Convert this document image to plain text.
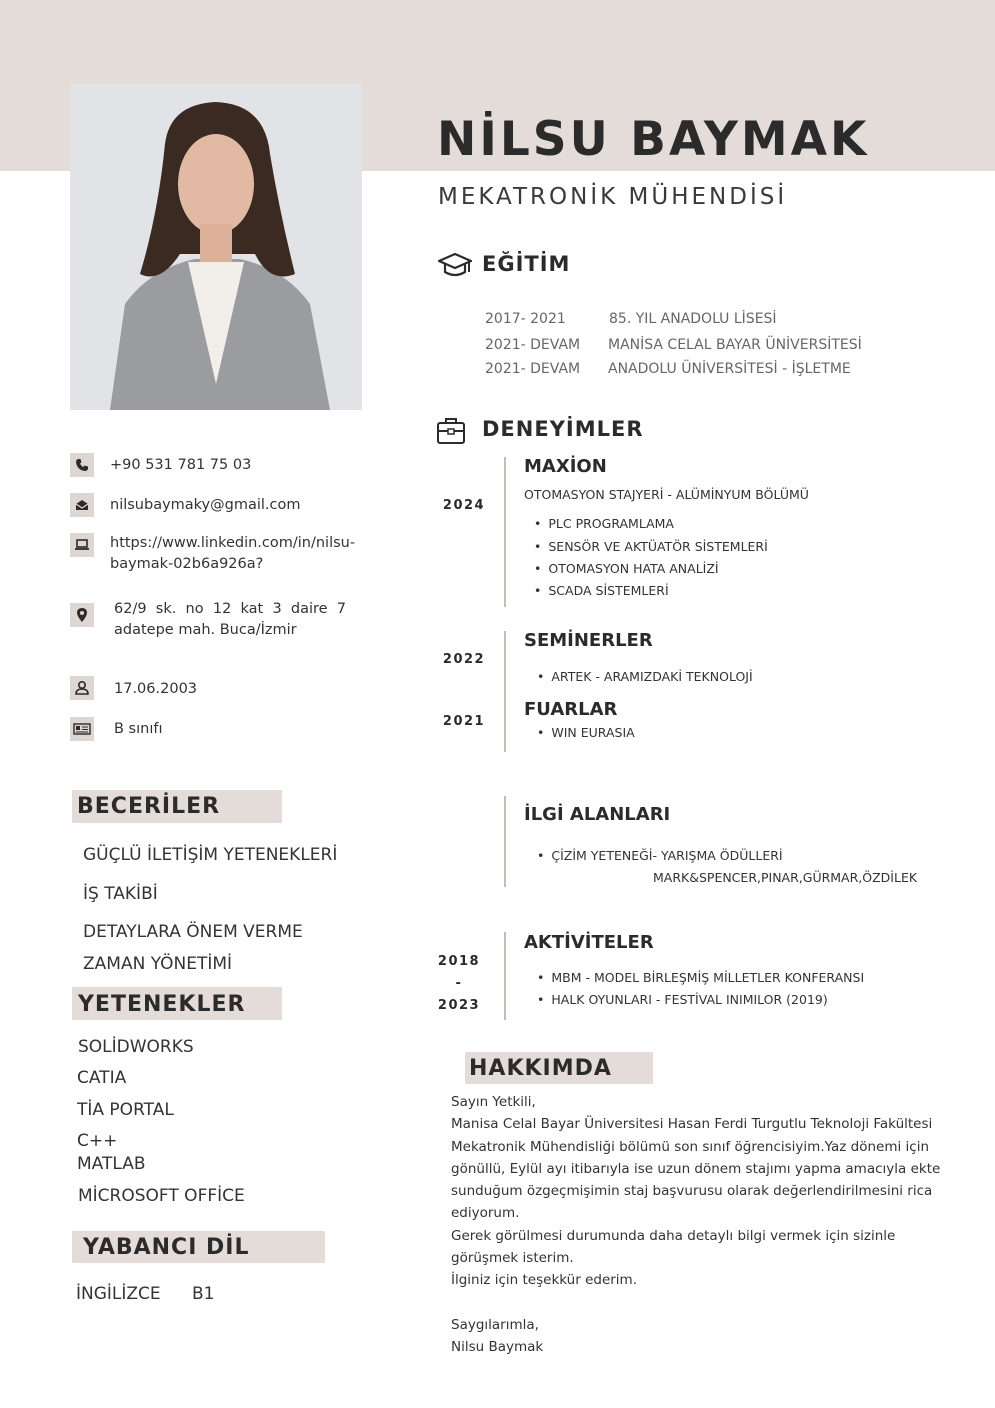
NİLSU BAYMAK
MEKATRONİK MÜHENDİSİ
EĞİTİM
2017- 2021	85. YIL ANADOLU LİSESİ
2021- DEVAM MANİSA CELAL BAYAR ÜNİVERSİTESİ
2021- DEVAM ANADOLU ÜNİVERSİTESİ - İŞLETME
DENEYİMLER
2024
MAXİON
OTOMASYON STAJYERİ - ALÜMİNYUM BÖLÜMÜ
• PLC PROGRAMLAMA
• SENSÖR VE AKTÜATÖR SİSTEMLERİ
• OTOMASYON HATA ANALİZİ
• SCADA SİSTEMLERİ
2022
SEMİNERLER
• ARTEK - ARAMIZDAKİ TEKNOLOJİ
2021
FUARLAR
• WIN EURASIA
İLGİ ALANLARI
• ÇİZİM YETENEĞİ- YARIŞMA ÖDÜLLERİ
MARK&SPENCER,PINAR,GÜRMAR,ÖZDİLEK
2018
-
2023
AKTİVİTELER
• MBM - MODEL BİRLEŞMİŞ MİLLETLER KONFERANSI
• HALK OYUNLARI - FESTİVAL INIMILOR (2019)
HAKKIMDA
Sayın Yetkili,
Manisa Celal Bayar Üniversitesi Hasan Ferdi Turgutlu Teknoloji Fakültesi
Mekatronik Mühendisliği bölümü son sınıf öğrencisiyim.Yaz dönemi için
gönüllü, Eylül ayı itibarıyla ise uzun dönem stajımı yapma amacıyla ekte
sunduğum özgeçmişimin staj başvurusu olarak değerlendirilmesini rica
ediyorum.
Gerek görülmesi durumunda daha detaylı bilgi vermek için sizinle
görüşmek isterim.
İlginiz için teşekkür ederim.
Saygılarımla,
Nilsu Baymak
+90 531 781 75 03
nilsubaymaky@gmail.com
https://www.linkedin.com/in/nilsu-
baymak-02b6a926a?
62/9  sk.  no  12  kat  3  daire  7
adatepe mah. Buca/İzmir
17.06.2003
B sınıfı
BECERİLER
GÜÇLÜ İLETİŞİM YETENEKLERİ
İŞ TAKİBİ
DETAYLARA ÖNEM VERME
ZAMAN YÖNETİMİ
YETENEKLER
SOLİDWORKS
CATIA
TİA PORTAL
C++
MATLAB
MİCROSOFT OFFİCE
YABANCI DİL
İNGİLİZCE B1
